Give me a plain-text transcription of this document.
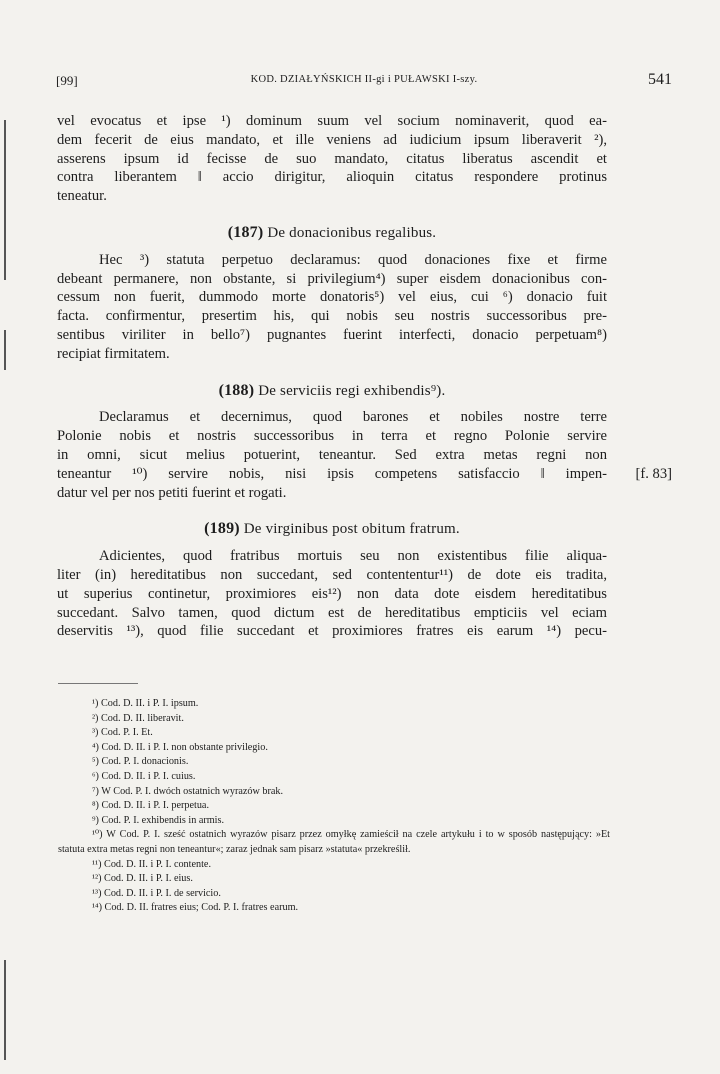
[99]	KOD. DZIAŁYŃSKICH II-gi i PUŁAWSKI I-szy.	541

vel evocatus et ipse ¹) dominum suum vel socium nominaverit, quod ea-
dem fecerit de eius mandato, et ille veniens ad iudicium ipsum liberaverit ²),
asserens ipsum id fecisse de suo mandato, citatus liberatus ascendit et
contra liberantem ‖ accio dirigitur, alioquin citatus respondere protinus
teneatur.

(187) De donacionibus regalibus.

Hec ³) statuta perpetuo declaramus: quod donaciones fixe et firme
debeant permanere, non obstante, si privilegium⁴) super eisdem donacionibus con-
cessum non fuerit, dummodo morte donatoris⁵) vel eius, cui ⁶) donacio fuit
facta. confirmentur, presertim his, qui nobis seu nostris successoribus pre-
sentibus viriliter in bello⁷) pugnantes fuerint interfecti, donacio perpetuam⁸)
recipiat firmitatem.

(188) De serviciis regi exhibendis⁹).

Declaramus et decernimus, quod barones et nobiles nostre terre
Polonie nobis et nostris successoribus in terra et regno Polonie servire
in omni, sicut melius potuerint, teneantur. Sed extra metas regni non
teneantur ¹⁰) servire nobis, nisi ipsis competens satisfaccio ‖ impen- [f. 83]
datur vel per nos petiti fuerint et rogati.

(189) De virginibus post obitum fratrum.

Adicientes, quod fratribus mortuis seu non existentibus filie aliqua-
liter (in) hereditatibus non succedant, sed contententur¹¹) de dote eis tradita,
ut superius continetur, proximiores eis¹²) non data dote eisdem hereditatibus
succedant. Salvo tamen, quod dictum est de hereditatibus empticiis vel eciam
deservitis ¹³), quod filie succedant et proximiores fratres eis earum ¹⁴) pecu-

¹) Cod. D. II. i P. I. ipsum.
²) Cod. D. II. liberavit.
³) Cod. P. I. Et.
⁴) Cod. D. II. i P. I. non obstante privilegio.
⁵) Cod. P. I. donacionis.
⁶) Cod. D. II. i P. I. cuius.
⁷) W Cod. P. I. dwóch ostatnich wyrazów brak.
⁸) Cod. D. II. i P. I. perpetua.
⁹) Cod. P. I. exhibendis in armis.
¹⁰) W Cod. P. I. sześć ostatnich wyrazów pisarz przez omyłkę zamieścił na czele artykułu i to w sposób następujący: »Et statuta extra metas regni non teneantur«; zaraz jednak sam pisarz »statuta« przekreślił.
¹¹) Cod. D. II. i P. I. contente.
¹²) Cod. D. II. i P. I. eius.
¹³) Cod. D. II. i P. I. de servicio.
¹⁴) Cod. D. II. fratres eius; Cod. P. I. fratres earum.
